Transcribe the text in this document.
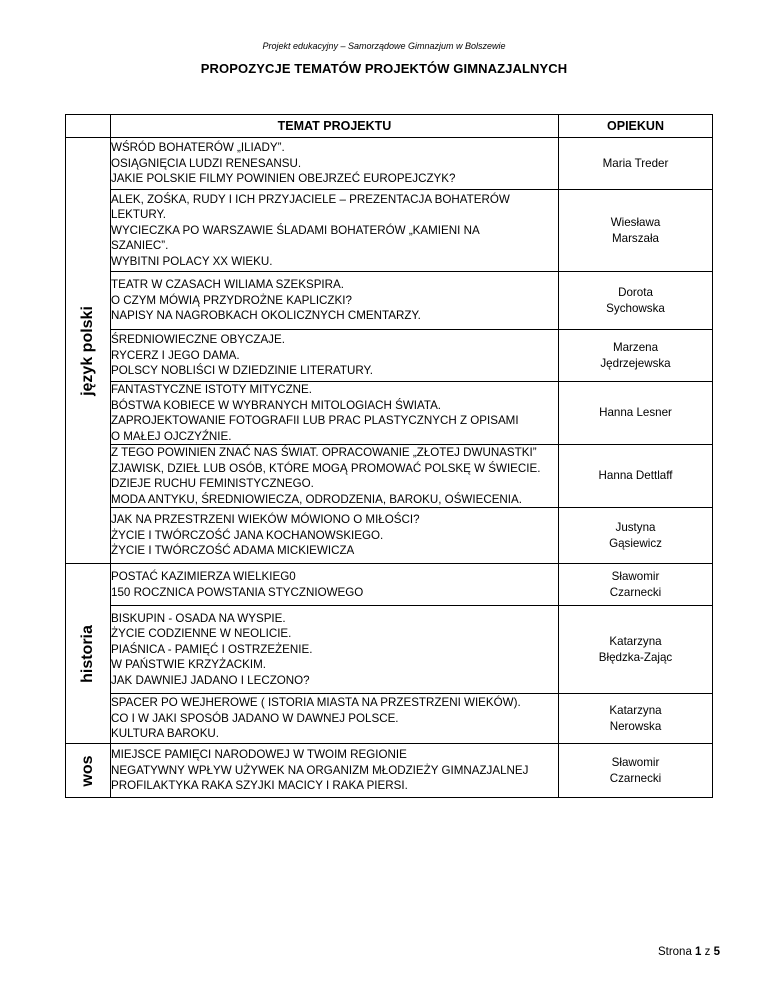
Projekt edukacyjny – Samorządowe Gimnazjum w Bolszewie
PROPOZYCJE TEMATÓW PROJEKTÓW GIMNAZJALNYCH
	TEMAT PROJEKTU	OPIEKUN

język polski	WŚRÓD BOHATERÓW „ILIADY”.
OSIĄGNIĘCIA LUDZI RENESANSU.
JAKIE POLSKIE FILMY POWINIEN OBEJRZEĆ EUROPEJCZYK?	Maria Treder

	ALEK, ZOŚKA, RUDY I ICH PRZYJACIELE – PREZENTACJA BOHATERÓW
LEKTURY.
WYCIECZKA PO WARSZAWIE ŚLADAMI BOHATERÓW „KAMIENI NA
SZANIEC”.
WYBITNI POLACY XX WIEKU.	Wiesława
Marszała

	TEATR W CZASACH WILIAMA SZEKSPIRA.
O CZYM MÓWIĄ PRZYDROŻNE KAPLICZKI?
NAPISY NA NAGROBKACH OKOLICZNYCH CMENTARZY.	Dorota
Sychowska

	ŚREDNIOWIECZNE OBYCZAJE.
RYCERZ I JEGO DAMA.
POLSCY NOBLIŚCI W DZIEDZINIE LITERATURY.	Marzena
Jędrzejewska

	FANTASTYCZNE ISTOTY MITYCZNE.
BÓSTWA KOBIECE W WYBRANYCH MITOLOGIACH ŚWIATA.
ZAPROJEKTOWANIE FOTOGRAFII LUB PRAC PLASTYCZNYCH Z OPISAMI
O MAŁEJ OJCZYŹNIE.	Hanna Lesner

	Z TEGO POWINIEN ZNAĆ NAS ŚWIAT. OPRACOWANIE „ZŁOTEJ DWUNASTKI”
ZJAWISK, DZIEŁ LUB OSÓB, KTÓRE MOGĄ PROMOWAĆ POLSKĘ W ŚWIECIE.
DZIEJE RUCHU FEMINISTYCZNEGO.
MODA ANTYKU, ŚREDNIOWIECZA, ODRODZENIA, BAROKU, OŚWIECENIA.	Hanna Dettlaff

	JAK NA PRZESTRZENI WIEKÓW MÓWIONO O MIŁOŚCI?
ŻYCIE I TWÓRCZOŚĆ JANA KOCHANOWSKIEGO.
ŻYCIE I TWÓRCZOŚĆ ADAMA MICKIEWICZA	Justyna
Gąsiewicz

historia	POSTAĆ KAZIMIERZA WIELKIEG0
150 ROCZNICA POWSTANIA STYCZNIOWEGO	Sławomir
Czarnecki

	BISKUPIN - OSADA NA WYSPIE.
ŻYCIE CODZIENNE W NEOLICIE.
PIAŚNICA - PAMIĘĆ I OSTRZEŻENIE.
W PAŃSTWIE KRZYŻACKIM.
JAK DAWNIEJ JADANO I LECZONO?	Katarzyna
Błędzka-Zając

	SPACER PO WEJHEROWE ( ISTORIA MIASTA NA PRZESTRZENI WIEKÓW).
CO I W JAKI SPOSÓB JADANO W DAWNEJ POLSCE.
KULTURA BAROKU.	Katarzyna
Nerowska

wos	MIEJSCE PAMIĘCI NARODOWEJ W TWOIM REGIONIE
NEGATYWNY WPŁYW UŻYWEK NA ORGANIZM MŁODZIEŻY GIMNAZJALNEJ
PROFILAKTYKA RAKA SZYJKI MACICY I RAKA PIERSI.	Sławomir
Czarnecki
Strona 1 z 5
